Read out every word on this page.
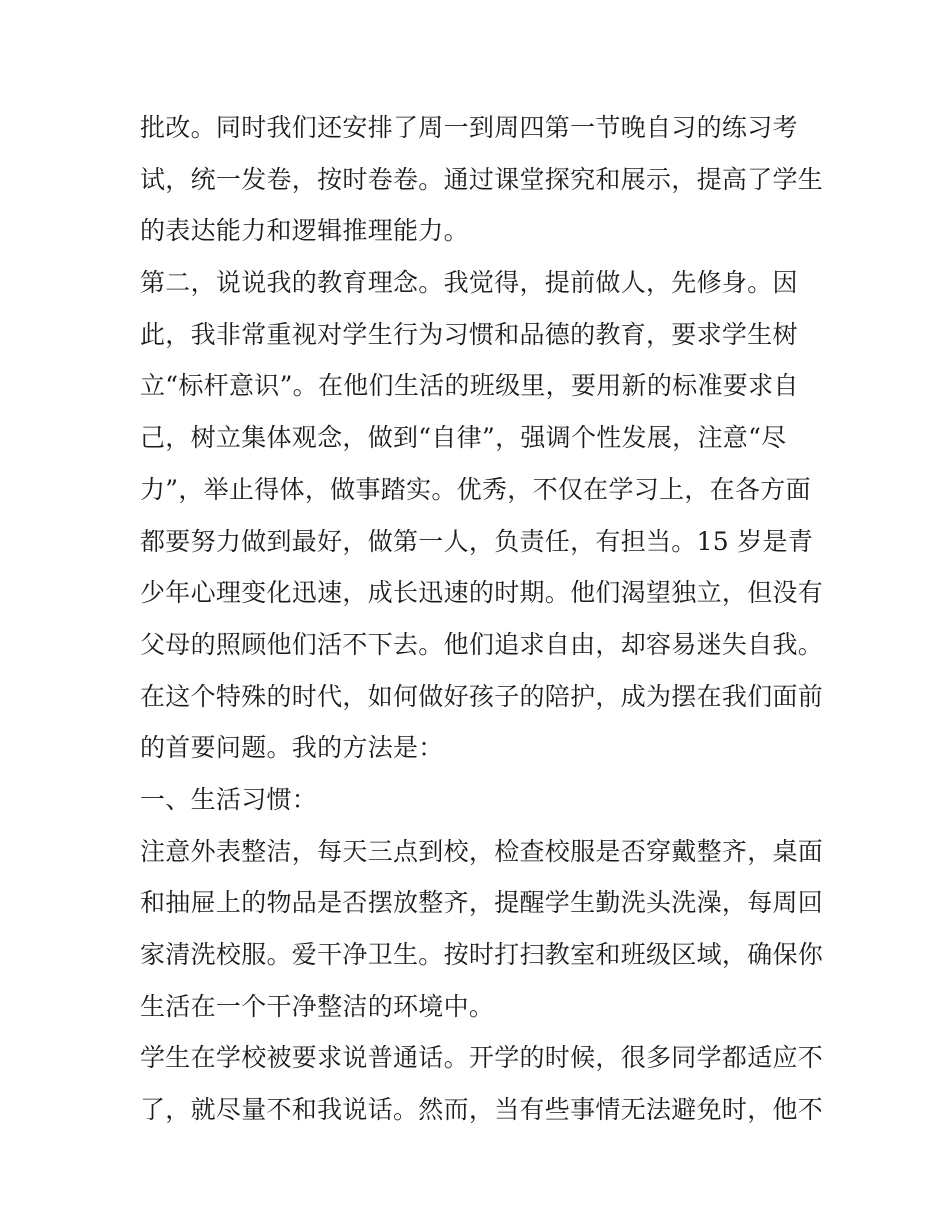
批改。同时我们还安排了周一到周四第一节晚自习的练习考
试，统一发卷，按时卷卷。通过课堂探究和展示，提高了学生
的表达能力和逻辑推理能力。
第二，说说我的教育理念。我觉得，提前做人，先修身。因
此，我非常重视对学生行为习惯和品德的教育，要求学生树
立“标杆意识”。在他们生活的班级里，要用新的标准要求自
己，树立集体观念，做到“自律”，强调个性发展，注意“尽
力”，举止得体，做事踏实。优秀，不仅在学习上，在各方面
都要努力做到最好，做第一人，负责任，有担当。15 岁是青
少年心理变化迅速，成长迅速的时期。他们渴望独立，但没有
父母的照顾他们活不下去。他们追求自由，却容易迷失自我。
在这个特殊的时代，如何做好孩子的陪护，成为摆在我们面前
的首要问题。我的方法是：
一、生活习惯：
注意外表整洁，每天三点到校，检查校服是否穿戴整齐，桌面
和抽屉上的物品是否摆放整齐，提醒学生勤洗头洗澡，每周回
家清洗校服。爱干净卫生。按时打扫教室和班级区域，确保你
生活在一个干净整洁的环境中。
学生在学校被要求说普通话。开学的时候，很多同学都适应不
了，就尽量不和我说话。然而，当有些事情无法避免时，他不
